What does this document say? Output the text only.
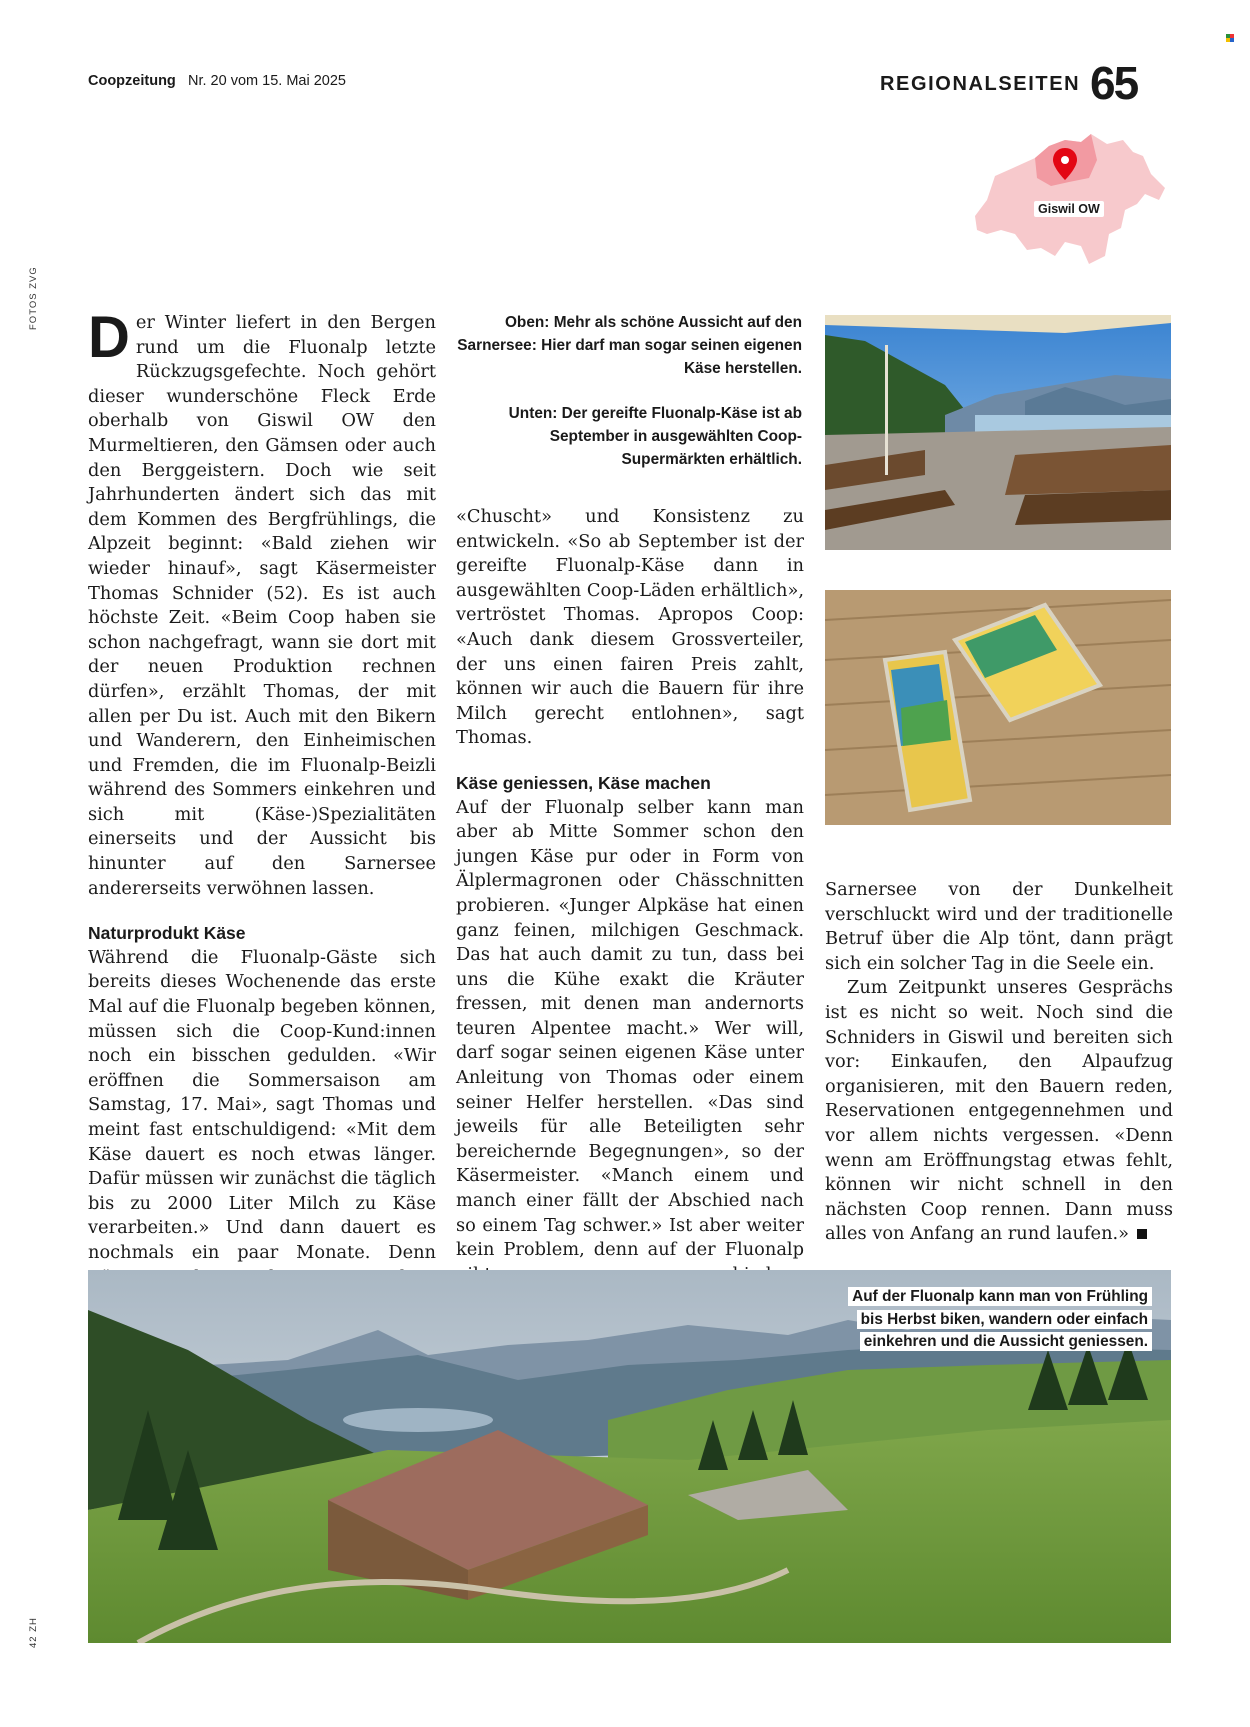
Coopzeitung Nr. 20 vom 15. Mai 2025	REGIONALSEITEN 65
FOTOS ZVG
42 ZH
Giswil OW

Der Winter liefert in den Bergen rund um die Fluonalp letzte Rückzugsgefechte. Noch gehört dieser wunderschöne Fleck Erde oberhalb von Giswil OW den Murmeltieren, den Gämsen oder auch den Berggeistern. Doch wie seit Jahrhunderten ändert sich das mit dem Kommen des Bergfrühlings, die Alpzeit beginnt: «Bald ziehen wir wieder hinauf», sagt Käsermeister Thomas Schnider (52). Es ist auch höchste Zeit. «Beim Coop haben sie schon nachgefragt, wann sie dort mit der neuen Produktion rechnen dürfen», erzählt Thomas, der mit allen per Du ist. Auch mit den Bikern und Wanderern, den Einheimischen und Fremden, die im Fluonalp-Beizli während des Sommers einkehren und sich mit (Käse-)Spezialitäten einerseits und der Aussicht bis hinunter auf den Sarnersee andererseits verwöhnen lassen.

Naturprodukt Käse

Während die Fluonalp-Gäste sich bereits dieses Wochenende das erste Mal auf die Fluonalp begeben können, müssen sich die Coop-Kund:innen noch ein bisschen gedulden. «Wir eröffnen die Sommersaison am Samstag, 17. Mai», sagt Thomas und meint fast entschuldigend: «Mit dem Käse dauert es noch etwas länger. Dafür müssen wir zunächst die täglich bis zu 2000 Liter Milch zu Käse verarbeiten.» Und dann dauert es nochmals ein paar Monate. Denn

Oben: Mehr als schöne Aussicht auf den Sarnersee: Hier darf man sogar seinen eigenen Käse herstellen.

Unten: Der gereifte Fluonalp-Käse ist ab September in ausgewählten Coop-Supermärkten erhältlich.

«Chuscht» und Konsistenz zu entwickeln. «So ab September ist der gereifte Fluonalp-Käse dann in ausgewählten Coop-Läden erhältlich», vertröstet Thomas. Apropos Coop: «Auch dank diesem Grossverteiler, der uns einen fairen Preis zahlt, können wir auch die Bauern für ihre Milch gerecht entlohnen», sagt Thomas.

Käse geniessen, Käse machen

Auf der Fluonalp selber kann man aber ab Mitte Sommer schon den jungen Käse pur oder in Form von Älplermagronen oder Chässchnitten probieren. «Junger Alpkäse hat einen ganz feinen, milchigen Geschmack. Das hat auch damit zu tun, dass bei uns die Kühe exakt die Kräuter fressen, mit denen man andernorts teuren Alpentee macht.» Wer will, darf sogar seinen eigenen Käse unter Anleitung von Thomas oder einem seiner Helfer herstellen. «Das sind jeweils für alle Beteiligten sehr bereichernde Begegnungen», so der Käsermeister. «Manch einem und manch einer fällt der Abschied nach so einem Tag schwer.» Ist aber weiter kein Problem, denn auf der Fluonalp

Sarnersee von der Dunkelheit verschluckt wird und der traditionelle Betruf über die Alp tönt, dann prägt sich ein solcher Tag in die Seele ein.

Zum Zeitpunkt unseres Gesprächs ist es nicht so weit. Noch sind die Schniders in Giswil und bereiten sich vor: Einkaufen, den Alpaufzug organisieren, mit den Bauern reden, Reservationen entgegennehmen und vor allem nichts vergessen. «Denn wenn am Eröffnungstag etwas fehlt, können wir nicht schnell in den nächsten Coop rennen. Dann muss alles von Anfang an rund laufen.»

Auf der Fluonalp kann man von Frühling bis Herbst biken, wandern oder einfach einkehren und die Aussicht geniessen.
